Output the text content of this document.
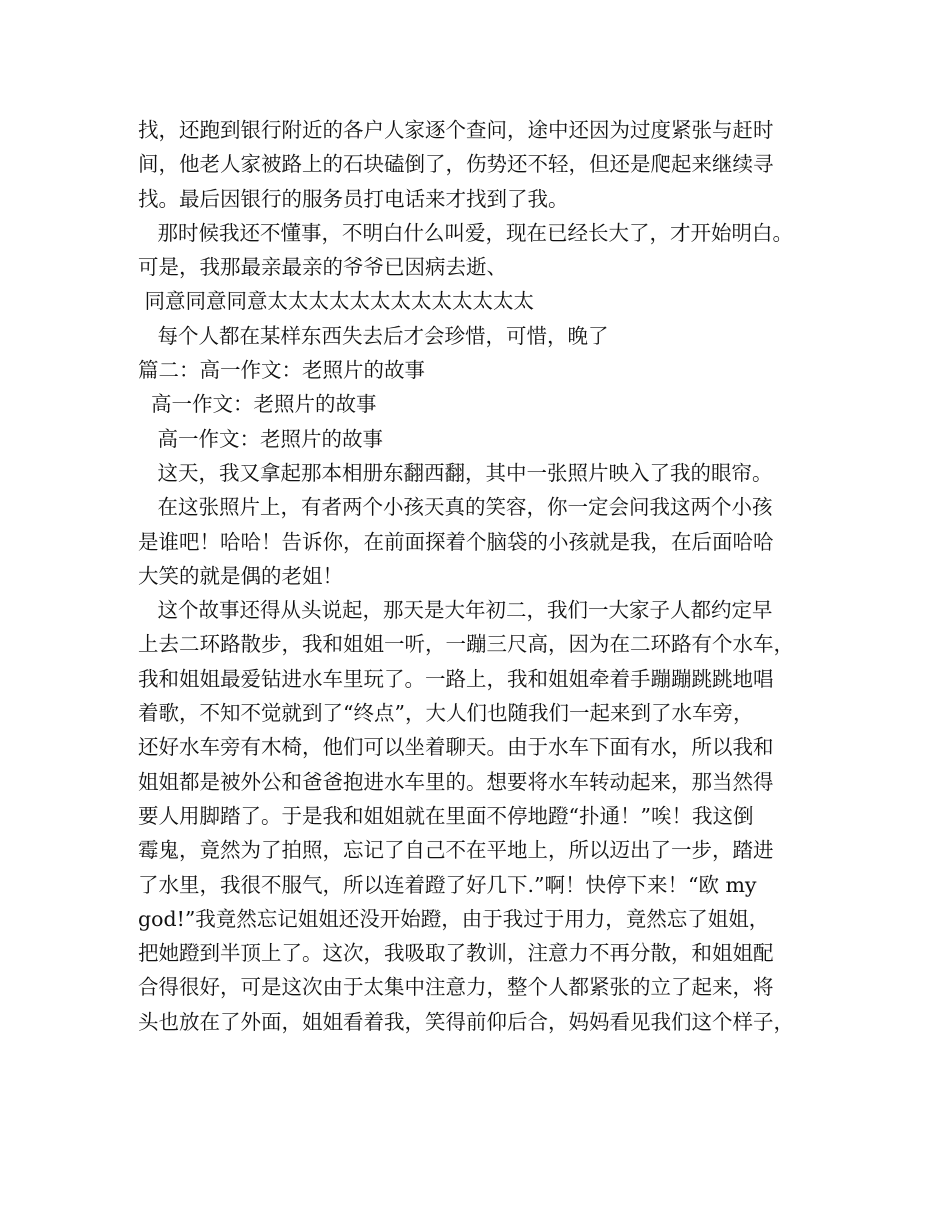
找，还跑到银行附近的各户人家逐个查问，途中还因为过度紧张与赶时
间，他老人家被路上的石块磕倒了，伤势还不轻，但还是爬起来继续寻
找。最后因银行的服务员打电话来才找到了我。
那时候我还不懂事，不明白什么叫爱，现在已经长大了，才开始明白。
可是，我那最亲最亲的爷爷已因病去逝、
同意同意同意太太太太太太太太太太太太太
每个人都在某样东西失去后才会珍惜，可惜，晚了
篇二：高一作文：老照片的故事
高一作文：老照片的故事
高一作文：老照片的故事
这天，我又拿起那本相册东翻西翻，其中一张照片映入了我的眼帘。
在这张照片上，有者两个小孩天真的笑容，你一定会问我这两个小孩
是谁吧！哈哈！告诉你，在前面探着个脑袋的小孩就是我，在后面哈哈
大笑的就是偶的老姐！
这个故事还得从头说起，那天是大年初二，我们一大家子人都约定早
上去二环路散步，我和姐姐一听，一蹦三尺高，因为在二环路有个水车，
我和姐姐最爱钻进水车里玩了。一路上，我和姐姐牵着手蹦蹦跳跳地唱
着歌，不知不觉就到了“终点”，大人们也随我们一起来到了水车旁，
还好水车旁有木椅，他们可以坐着聊天。由于水车下面有水，所以我和
姐姐都是被外公和爸爸抱进水车里的。想要将水车转动起来，那当然得
要人用脚踏了。于是我和姐姐就在里面不停地蹬“扑通！”唉！我这倒
霉鬼，竟然为了拍照，忘记了自己不在平地上，所以迈出了一步，踏进
了水里，我很不服气，所以连着蹬了好几下.”啊！快停下来！“欧 my
god!”我竟然忘记姐姐还没开始蹬，由于我过于用力，竟然忘了姐姐，
把她蹬到半顶上了。这次，我吸取了教训，注意力不再分散，和姐姐配
合得很好，可是这次由于太集中注意力，整个人都紧张的立了起来，将
头也放在了外面，姐姐看着我，笑得前仰后合，妈妈看见我们这个样子，
